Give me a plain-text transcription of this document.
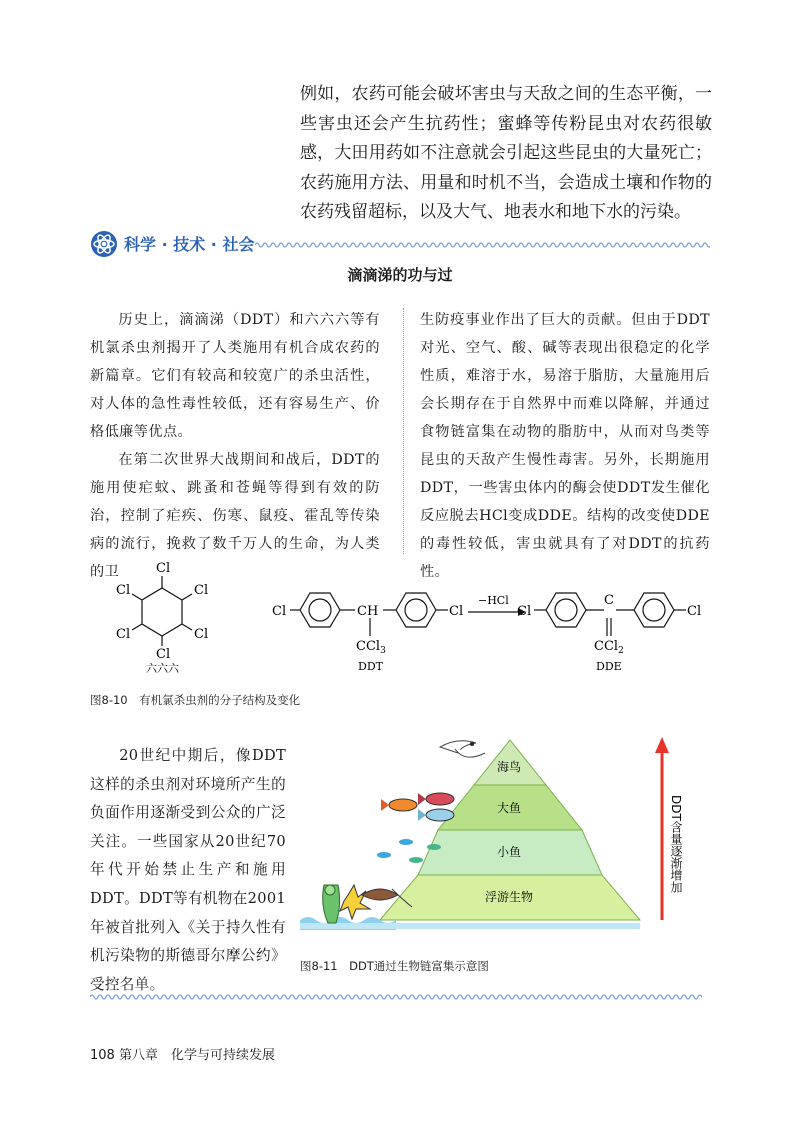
例如，农药可能会破坏害虫与天敌之间的生态平衡，一些害虫还会产生抗药性；蜜蜂等传粉昆虫对农药很敏感，大田用药如不注意就会引起这些昆虫的大量死亡；农药施用方法、用量和时机不当，会造成土壤和作物的农药残留超标，以及大气、地表水和地下水的污染。
科学 · 技术 · 社会
滴滴涕的功与过

历史上，滴滴涕（DDT）和六六六等有机氯杀虫剂揭开了人类施用有机合成农药的新篇章。它们有较高和较宽广的杀虫活性，对人体的急性毒性较低，还有容易生产、价格低廉等优点。

在第二次世界大战期间和战后，DDT的施用使疟蚊、跳蚤和苍蝇等得到有效的防治，控制了疟疾、伤寒、鼠疫、霍乱等传染病的流行，挽救了数千万人的生命，为人类的卫

生防疫事业作出了巨大的贡献。但由于DDT对光、空气、酸、碱等表现出很稳定的化学性质，难溶于水，易溶于脂肪，大量施用后会长期存在于自然界中而难以降解，并通过食物链富集在动物的脂肪中，从而对鸟类等昆虫的天敌产生慢性毒害。另外，长期施用DDT，一些害虫体内的酶会使DDT发生催化反应脱去HCl变成DDE。结构的改变使DDE的毒性较低，害虫就具有了对DDT的抗药性。

Cl
Cl
Cl
Cl
Cl
Cl
六六六
Cl	CH	Cl
CCl$_3$
DDT
−HCl
Cl
C
Cl
CCl$_2$
DDE
图8-10　有机氯杀虫剂的分子结构及变化

20世纪中期后，像DDT这样的杀虫剂对环境所产生的负面作用逐渐受到公众的广泛关注。一些国家从20世纪70年代开始禁止生产和施用DDT。DDT等有机物在2001年被首批列入《关于持久性有机污染物的斯德哥尔摩公约》受控名单。

海鸟
大鱼
小鱼
浮游生物
DDT含量逐渐增加
图8-11　DDT通过生物链富集示意图
108 第八章　化学与可持续发展
